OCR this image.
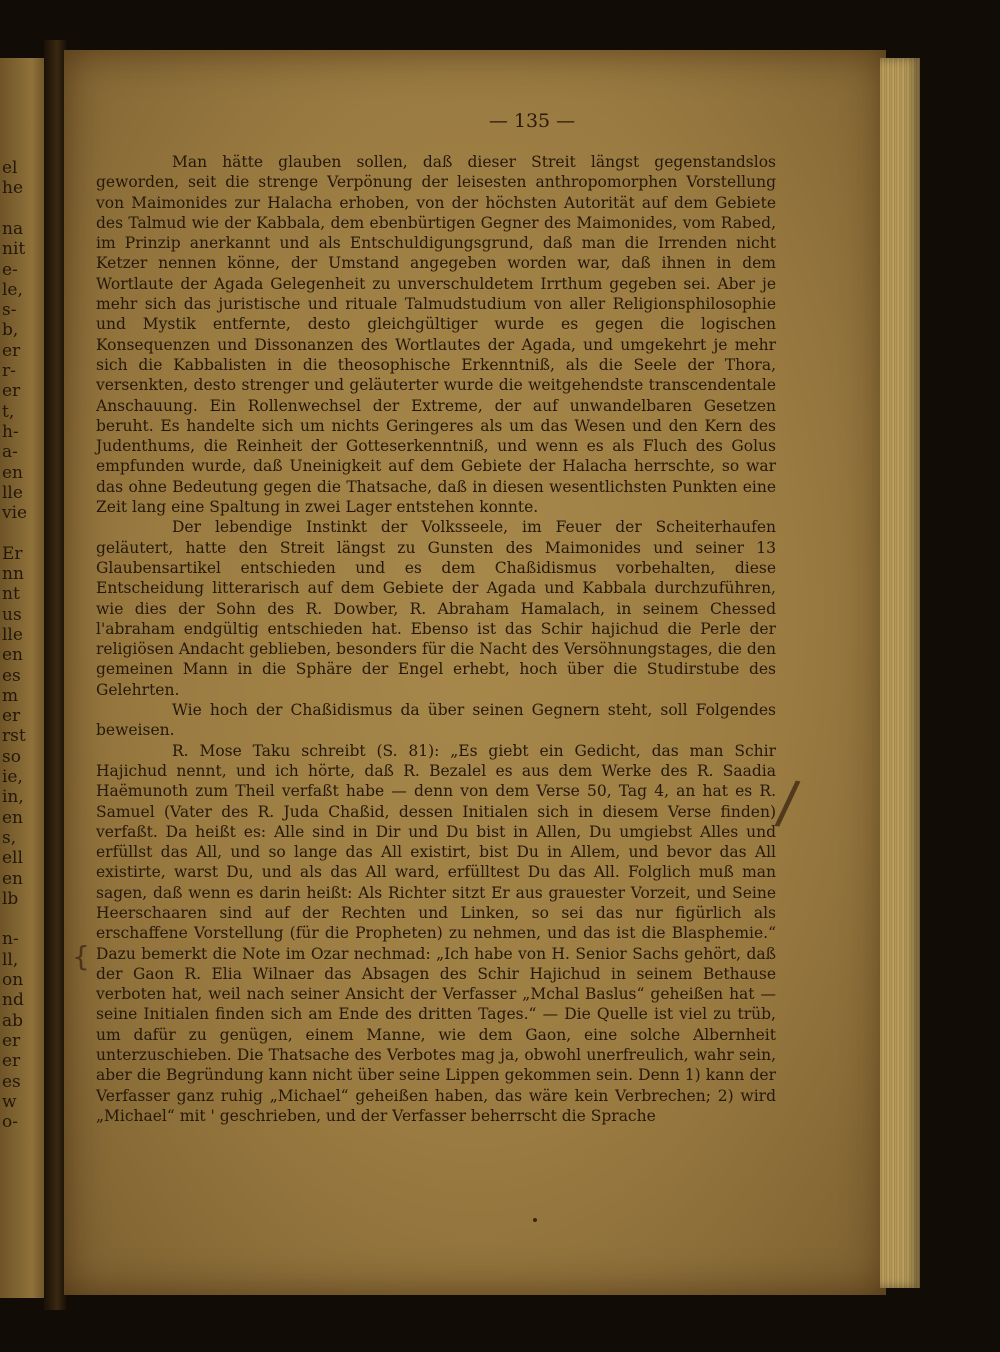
el
he
na
nit
e-
le,
s-
b,
er
r-
er
t,
h-
a-
en
lle
vie
Er
nn
nt
us
lle
en
es
m
er
rst
so
ie,
in,
en
s,
ell
en
lb
n-
ll,
on
nd
ab
er
er
es
w
o-
— 135 —

Man hätte glauben sollen, daß dieser Streit längst gegenstandslos geworden, seit die strenge Verpönung der leisesten anthropomorphen Vorstellung von Maimonides zur Halacha erhoben, von der höchsten Autorität auf dem Gebiete des Talmud wie der Kabbala, dem ebenbürtigen Gegner des Maimonides, vom Rabed, im Prinzip anerkannt und als Entschuldigungsgrund, daß man die Irrenden nicht Ketzer nennen könne, der Umstand angegeben worden war, daß ihnen in dem Wortlaute der Agada Gelegenheit zu unverschuldetem Irrthum gegeben sei. Aber je mehr sich das juristische und rituale Talmudstudium von aller Religionsphilosophie und Mystik entfernte, desto gleichgültiger wurde es gegen die logischen Konsequenzen und Dissonanzen des Wortlautes der Agada, und umgekehrt je mehr sich die Kabbalisten in die theosophische Erkenntniß, als die Seele der Thora, versenkten, desto strenger und geläuterter wurde die weitgehendste transcendentale Anschauung. Ein Rollenwechsel der Extreme, der auf unwandelbaren Gesetzen beruht. Es handelte sich um nichts Geringeres als um das Wesen und den Kern des Judenthums, die Reinheit der Gotteserkenntniß, und wenn es als Fluch des Golus empfunden wurde, daß Uneinigkeit auf dem Gebiete der Halacha herrschte, so war das ohne Bedeutung gegen die Thatsache, daß in diesen wesentlichsten Punkten eine Zeit lang eine Spaltung in zwei Lager entstehen konnte.

Der lebendige Instinkt der Volksseele, im Feuer der Scheiterhaufen geläutert, hatte den Streit längst zu Gunsten des Maimonides und seiner 13 Glaubensartikel entschieden und es dem Chaßidismus vorbehalten, diese Entscheidung litterarisch auf dem Gebiete der Agada und Kabbala durchzuführen, wie dies der Sohn des R. Dowber, R. Abraham Hamalach, in seinem Chessed l'abraham endgültig entschieden hat. Ebenso ist das Schir hajichud die Perle der religiösen Andacht geblieben, besonders für die Nacht des Versöhnungstages, die den gemeinen Mann in die Sphäre der Engel erhebt, hoch über die Studirstube des Gelehrten.

Wie hoch der Chaßidismus da über seinen Gegnern steht, soll Folgendes beweisen.

R. Mose Taku schreibt (S. 81): „Es giebt ein Gedicht, das man Schir Hajichud nennt, und ich hörte, daß R. Bezalel es aus dem Werke des R. Saadia Haëmunoth zum Theil verfaßt habe — denn von dem Verse 50, Tag 4, an hat es R. Samuel (Vater des R. Juda Chaßid, dessen Initialen sich in diesem Verse finden) verfaßt. Da heißt es: Alle sind in Dir und Du bist in Allen, Du umgiebst Alles und erfüllst das All, und so lange das All existirt, bist Du in Allem, und bevor das All existirte, warst Du, und als das All ward, erfülltest Du das All. Folglich muß man sagen, daß wenn es darin heißt: Als Richter sitzt Er aus grauester Vorzeit, und Seine Heerschaaren sind auf der Rechten und Linken, so sei das nur figürlich als erschaffene Vorstellung (für die Propheten) zu nehmen, und das ist die Blasphemie.“ Dazu bemerkt die Note im Ozar nechmad: „Ich habe von H. Senior Sachs gehört, daß der Gaon R. Elia Wilnaer das Absagen des Schir Hajichud in seinem Bethause verboten hat, weil nach seiner Ansicht der Verfasser „Mchal Baslus“ geheißen hat — seine Initialen finden sich am Ende des dritten Tages.“ — Die Quelle ist viel zu trüb, um dafür zu genügen, einem Manne, wie dem Gaon, eine solche Albernheit unterzuschieben. Die Thatsache des Verbotes mag ja, obwohl unerfreulich, wahr sein, aber die Begründung kann nicht über seine Lippen gekommen sein. Denn 1) kann der Verfasser ganz ruhig „Michael“ geheißen haben, das wäre kein Verbrechen; 2) wird „Michael“ mit ' geschrieben, und der Verfasser beherrscht die Sprache

/
{
